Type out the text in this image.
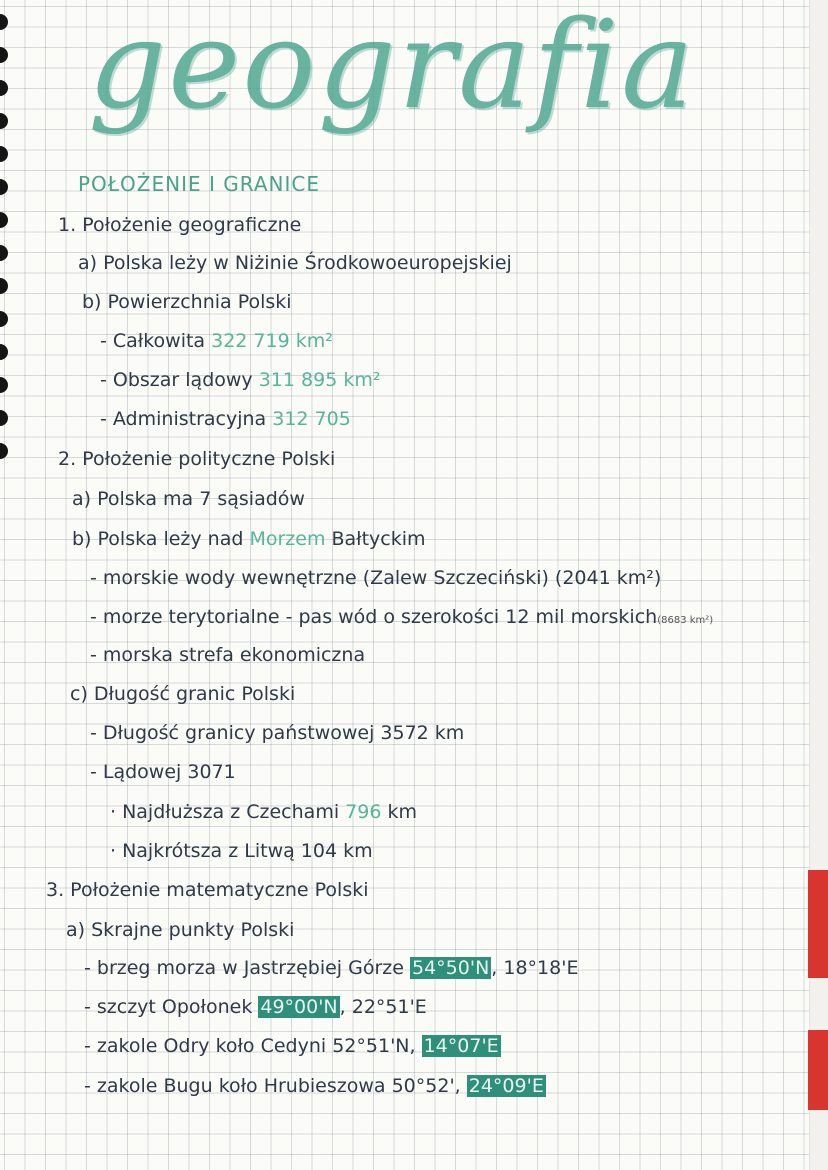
geografia
POŁOŻENIE I GRANICE
1. Położenie geograficzne
a) Polska leży w Niżinie Środkowoeuropejskiej
b) Powierzchnia Polski
- Całkowita 322 719 km²
- Obszar lądowy 311 895 km²
- Administracyjna 312 705
2. Położenie polityczne Polski
a) Polska ma 7 sąsiadów
b) Polska leży nad Morzem Bałtyckim
- morskie wody wewnętrzne (Zalew Szczeciński) (2041 km²)
- morze terytorialne - pas wód o szerokości 12 mil morskich(8683 km²)
- morska strefa ekonomiczna
c) Długość granic Polski
- Długość granicy państwowej 3572 km
- Lądowej 3071
· Najdłuższa z Czechami 796 km
· Najkrótsza z Litwą 104 km
3. Położenie matematyczne Polski
a) Skrajne punkty Polski
- brzeg morza w Jastrzębiej Górze 54°50'N , 18°18'E
- szczyt Opołonek 49°00'N , 22°51'E
- zakole Odry koło Cedyni 52°51'N, 14°07'E
- zakole Bugu koło Hrubieszowa 50°52', 24°09'E
